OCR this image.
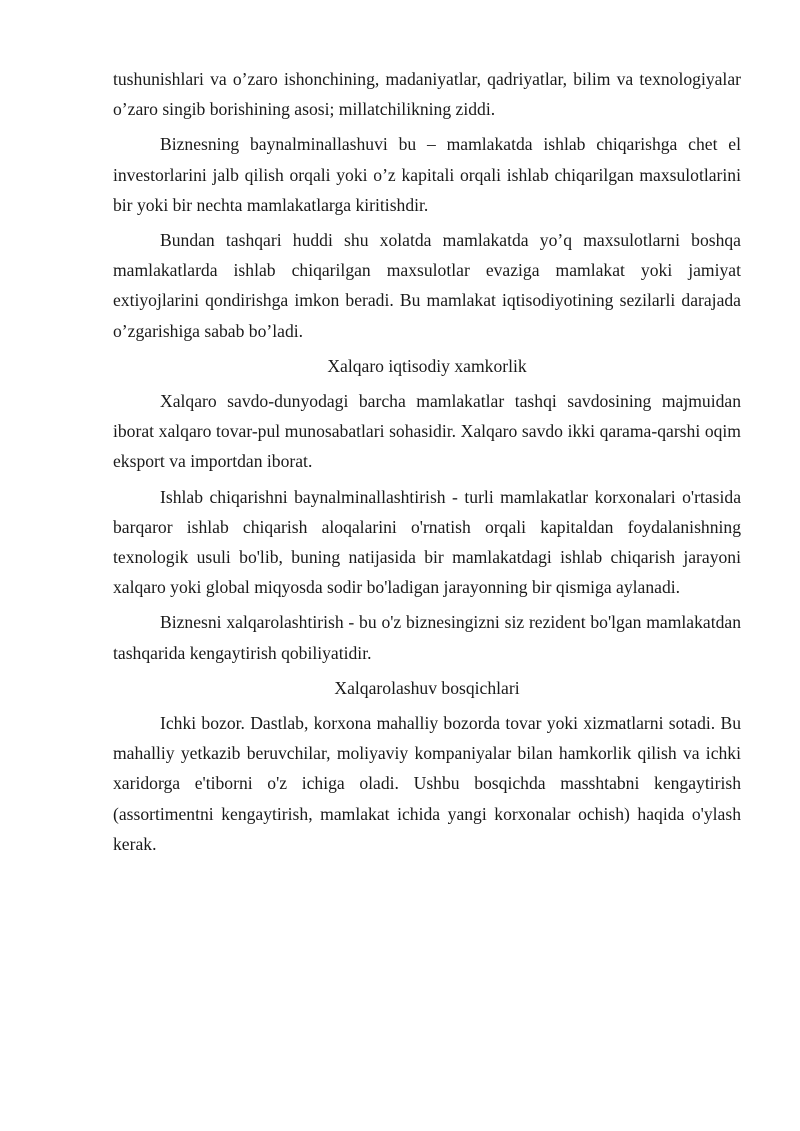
tushunishlari va o’zaro ishonchining, madaniyatlar, qadriyatlar, bilim va texnologiyalar o’zaro singib borishining asosi; millatchilikning ziddi.

Biznesning baynalminallashuvi bu – mamlakatda ishlab chiqarishga chet el investorlarini jalb qilish orqali yoki o’z kapitali orqali ishlab chiqarilgan maxsulotlarini bir yoki bir nechta mamlakatlarga kiritishdir.

Bundan tashqari huddi shu xolatda mamlakatda yo’q maxsulotlarni boshqa mamlakatlarda ishlab chiqarilgan maxsulotlar evaziga mamlakat yoki jamiyat extiyojlarini qondirishga imkon beradi. Bu mamlakat iqtisodiyotining sezilarli darajada o’zgarishiga sabab bo’ladi.

Xalqaro iqtisodiy xamkorlik

Xalqaro savdo-dunyodagi barcha mamlakatlar tashqi savdosining majmuidan iborat xalqaro tovar-pul munosabatlari sohasidir. Xalqaro savdo ikki qarama-qarshi oqim eksport va importdan iborat.

Ishlab chiqarishni baynalminallashtirish - turli mamlakatlar korxonalari o'rtasida barqaror ishlab chiqarish aloqalarini o'rnatish orqali kapitaldan foydalanishning texnologik usuli bo'lib, buning natijasida bir mamlakatdagi ishlab chiqarish jarayoni xalqaro yoki global miqyosda sodir bo'ladigan jarayonning bir qismiga aylanadi.

Biznesni xalqarolashtirish - bu o'z biznesingizni siz rezident bo'lgan mamlakatdan tashqarida kengaytirish qobiliyatidir.

Xalqarolashuv bosqichlari

Ichki bozor. Dastlab, korxona mahalliy bozorda tovar yoki xizmatlarni sotadi. Bu mahalliy yetkazib beruvchilar, moliyaviy kompaniyalar bilan hamkorlik qilish va ichki xaridorga e'tiborni o'z ichiga oladi. Ushbu bosqichda masshtabni kengaytirish (assortimentni kengaytirish, mamlakat ichida yangi korxonalar ochish) haqida o'ylash kerak.
